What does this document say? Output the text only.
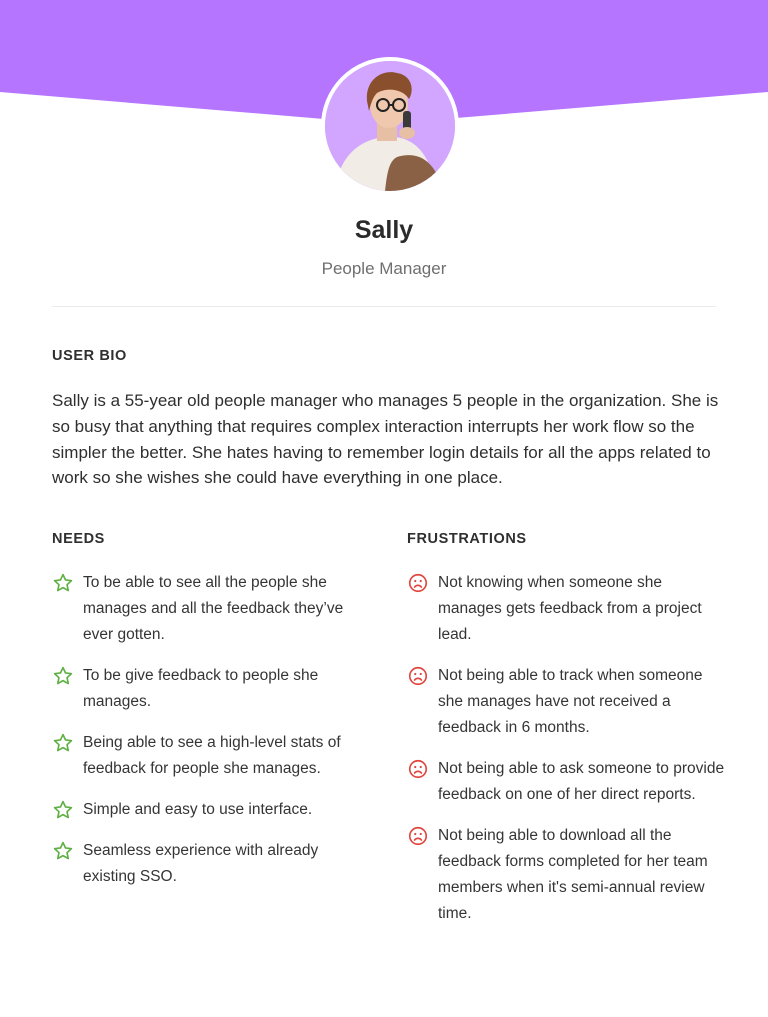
Sally
People Manager
USER BIO
Sally is a 55-year old people manager who manages 5 people in the organization. She is so busy that anything that requires complex interaction interrupts her work flow so the simpler the better. She hates having to remember login details for all the apps related to work so she wishes she could have everything in one place.
NEEDS
To be able to see all the people she manages and all the feedback they’ve ever gotten.
To be give feedback to people she manages.
Being able to see a high-level stats of feedback for people she manages.
Simple and easy to use interface.
Seamless experience with already existing SSO.
FRUSTRATIONS
Not knowing when someone she manages gets feedback from a project lead.
Not being able to track when someone she manages have not received a feedback in 6 months.
Not being able to ask someone to provide feedback on one of her direct reports.
Not being able to download all the feedback forms completed for her team members when it's semi-annual review time.
